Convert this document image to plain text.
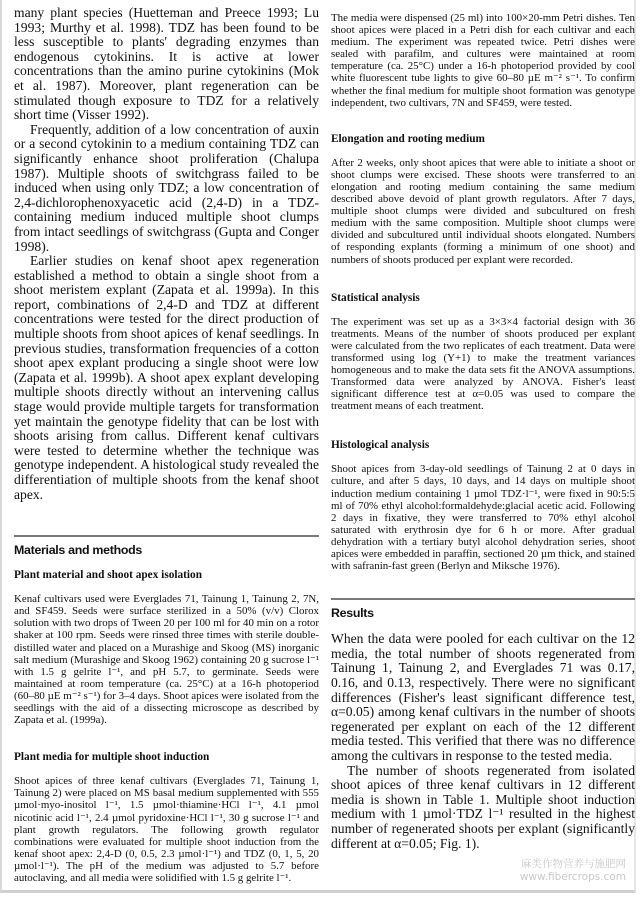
many plant species (Huetteman and Preece 1993; Lu 1993; Murthy et al. 1998). TDZ has been found to be less susceptible to plants' degrading enzymes than endogenous cytokinins. It is active at lower concentrations than the amino purine cytokinins (Mok et al. 1987). Moreover, plant regeneration can be stimulated though exposure to TDZ for a relatively short time (Visser 1992).

Frequently, addition of a low concentration of auxin or a second cytokinin to a medium containing TDZ can significantly enhance shoot proliferation (Chalupa 1987). Multiple shoots of switchgrass failed to be induced when using only TDZ; a low concentration of 2,4-dichlorophenoxyacetic acid (2,4-D) in a TDZ-containing medium induced multiple shoot clumps from intact seedlings of switchgrass (Gupta and Conger 1998).

Earlier studies on kenaf shoot apex regeneration established a method to obtain a single shoot from a shoot meristem explant (Zapata et al. 1999a). In this report, combinations of 2,4-D and TDZ at different concentrations were tested for the direct production of multiple shoots from shoot apices of kenaf seedlings. In previous studies, transformation frequencies of a cotton shoot apex explant producing a single shoot were low (Zapata et al. 1999b). A shoot apex explant developing multiple shoots directly without an intervening callus stage would provide multiple targets for transformation yet maintain the genotype fidelity that can be lost with shoots arising from callus. Different kenaf cultivars were tested to determine whether the technique was genotype independent. A histological study revealed the differentiation of multiple shoots from the kenaf shoot apex.

Materials and methods
Plant material and shoot apex isolation

Kenaf cultivars used were Everglades 71, Tainung 1, Tainung 2, 7N, and SF459. Seeds were surface sterilized in a 50% (v/v) Clorox solution with two drops of Tween 20 per 100 ml for 40 min on a rotor shaker at 100 rpm. Seeds were rinsed three times with sterile double-distilled water and placed on a Murashige and Skoog (MS) inorganic salt medium (Murashige and Skoog 1962) containing 20 g sucrose l⁻¹ with 1.5 g gelrite l⁻¹, and pH 5.7, to germinate. Seeds were maintained at room temperature (ca. 25°C) at a 16-h photoperiod (60–80 µE m⁻² s⁻¹) for 3–4 days. Shoot apices were isolated from the seedlings with the aid of a dissecting microscope as described by Zapata et al. (1999a).

Plant media for multiple shoot induction

Shoot apices of three kenaf cultivars (Everglades 71, Tainung 1, Tainung 2) were placed on MS basal medium supplemented with 555 µmol·myo-inositol l⁻¹, 1.5 µmol·thiamine·HCl l⁻¹, 4.1 µmol nicotinic acid l⁻¹, 2.4 µmol pyridoxine·HCl l⁻¹, 30 g sucrose l⁻¹ and plant growth regulators. The following growth regulator combinations were evaluated for multiple shoot induction from the kenaf shoot apex: 2,4-D (0, 0.5, 2.3 µmol·l⁻¹) and TDZ (0, 1, 5, 20 µmol·l⁻¹). The pH of the medium was adjusted to 5.7 before autoclaving, and all media were solidified with 1.5 g gelrite l⁻¹.

The media were dispensed (25 ml) into 100×20-mm Petri dishes. Ten shoot apices were placed in a Petri dish for each cultivar and each medium. The experiment was repeated twice. Petri dishes were sealed with parafilm, and cultures were maintained at room temperature (ca. 25°C) under a 16-h photoperiod provided by cool white fluorescent tube lights to give 60–80 µE m⁻² s⁻¹. To confirm whether the final medium for multiple shoot formation was genotype independent, two cultivars, 7N and SF459, were tested.

Elongation and rooting medium

After 2 weeks, only shoot apices that were able to initiate a shoot or shoot clumps were excised. These shoots were transferred to an elongation and rooting medium containing the same medium described above devoid of plant growth regulators. After 7 days, multiple shoot clumps were divided and subcultured on fresh medium with the same composition. Multiple shoot clumps were divided and subcultured until individual shoots elongated. Numbers of responding explants (forming a minimum of one shoot) and numbers of shoots produced per explant were recorded.

Statistical analysis

The experiment was set up as a 3×3×4 factorial design with 36 treatments. Means of the number of shoots produced per explant were calculated from the two replicates of each treatment. Data were transformed using log (Y+1) to make the treatment variances homogeneous and to make the data sets fit the ANOVA assumptions. Transformed data were analyzed by ANOVA. Fisher's least significant difference test at α=0.05 was used to compare the treatment means of each treatment.

Histological analysis

Shoot apices from 3-day-old seedlings of Tainung 2 at 0 days in culture, and after 5 days, 10 days, and 14 days on multiple shoot induction medium containing 1 µmol TDZ·l⁻¹, were fixed in 90:5:5 ml of 70% ethyl alcohol:formaldehyde:glacial acetic acid. Following 2 days in fixative, they were transferred to 70% ethyl alcohol saturated with erythrosin dye for 6 h or more. After gradual dehydration with a tertiary butyl alcohol dehydration series, shoot apices were embedded in paraffin, sectioned 20 µm thick, and stained with safranin-fast green (Berlyn and Miksche 1976).

Results

When the data were pooled for each cultivar on the 12 media, the total number of shoots regenerated from Tainung 1, Tainung 2, and Everglades 71 was 0.17, 0.16, and 0.13, respectively. There were no significant differences (Fisher's least significant difference test, α=0.05) among kenaf cultivars in the number of shoots regenerated per explant on each of the 12 different media tested. This verified that there was no difference among the cultivars in response to the tested media.

The number of shoots regenerated from isolated shoot apices of three kenaf cultivars in 12 different media is shown in Table 1. Multiple shoot induction medium with 1 µmol·TDZ l⁻¹ resulted in the highest number of regenerated shoots per explant (significantly different at α=0.05; Fig. 1).

麻类作物营养与施肥网
www.fibercrops.com
